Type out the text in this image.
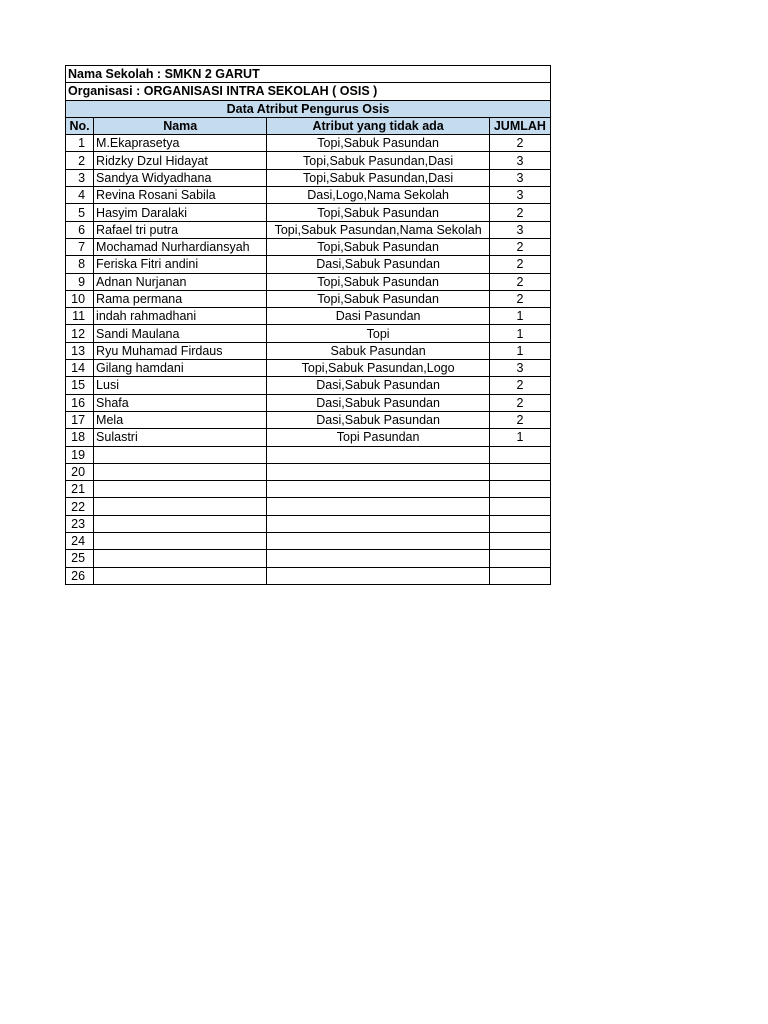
Nama Sekolah : SMKN 2 GARUT			
Organisasi : ORGANISASI INTRA SEKOLAH ( OSIS )			
Data Atribut Pengurus Osis			
No.	Nama	Atribut yang tidak ada	JUMLAH
1	M.Ekaprasetya	Topi,Sabuk Pasundan	2
2	Ridzky Dzul Hidayat	Topi,Sabuk Pasundan,Dasi	3
3	Sandya Widyadhana	Topi,Sabuk Pasundan,Dasi	3
4	Revina Rosani Sabila	Dasi,Logo,Nama Sekolah	3
5	Hasyim Daralaki	Topi,Sabuk Pasundan	2
6	Rafael tri putra	Topi,Sabuk Pasundan,Nama Sekolah	3
7	Mochamad Nurhardiansyah	Topi,Sabuk Pasundan	2
8	Feriska Fitri andini	Dasi,Sabuk Pasundan	2
9	Adnan Nurjanan	Topi,Sabuk Pasundan	2
10	Rama permana	Topi,Sabuk Pasundan	2
11	indah rahmadhani	Dasi Pasundan	1
12	Sandi Maulana	Topi	1
13	Ryu Muhamad Firdaus	Sabuk Pasundan	1
14	Gilang hamdani	Topi,Sabuk Pasundan,Logo	3
15	Lusi	Dasi,Sabuk Pasundan	2
16	Shafa	Dasi,Sabuk Pasundan	2
17	Mela	Dasi,Sabuk Pasundan	2
18	Sulastri	Topi Pasundan	1
19			
20			
21			
22			
23			
24			
25			
26			
